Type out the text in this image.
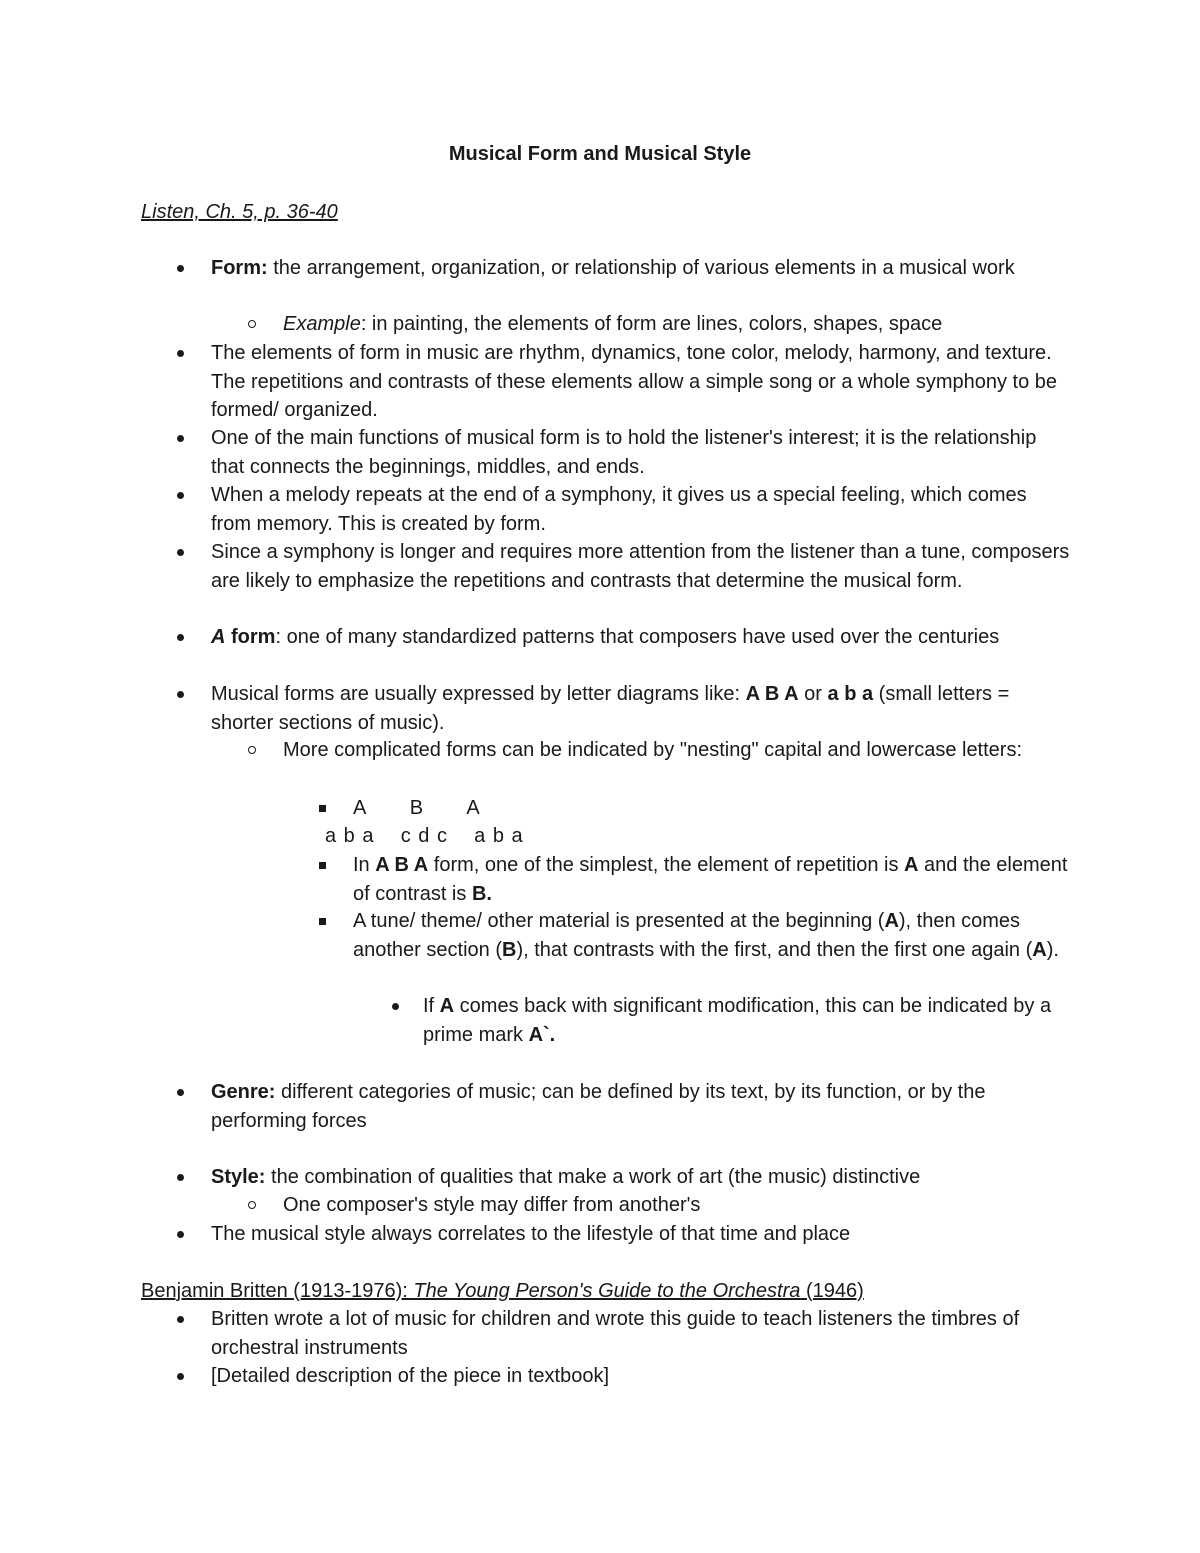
Musical Form and Musical Style
Listen, Ch. 5, p. 36-40
Form: the arrangement, organization, or relationship of various elements in a musical work
Example: in painting, the elements of form are lines, colors, shapes, space
The elements of form in music are rhythm, dynamics, tone color, melody, harmony, and texture. The repetitions and contrasts of these elements allow a simple song or a whole symphony to be formed/ organized.
One of the main functions of musical form is to hold the listener's interest; it is the relationship that connects the beginnings, middles, and ends.
When a melody repeats at the end of a symphony, it gives us a special feeling, which comes from memory. This is created by form.
Since a symphony is longer and requires more attention from the listener than a tune, composers are likely to emphasize the repetitions and contrasts that determine the musical form.
A form: one of many standardized patterns that composers have used over the centuries
Musical forms are usually expressed by letter diagrams like: A B A or a b a (small letters = shorter sections of music).
More complicated forms can be indicated by "nesting" capital and lowercase letters:
A        B        A
a b a    c d c    a b a
In A B A form, one of the simplest, the element of repetition is A and the element of contrast is B.
A tune/ theme/ other material is presented at the beginning (A), then comes another section (B), that contrasts with the first, and then the first one again (A).
If A comes back with significant modification, this can be indicated by a prime mark A`.
Genre: different categories of music; can be defined by its text, by its function, or by the performing forces
Style: the combination of qualities that make a work of art (the music) distinctive
One composer's style may differ from another's
The musical style always correlates to the lifestyle of that time and place
Benjamin Britten (1913-1976): The Young Person's Guide to the Orchestra (1946)
Britten wrote a lot of music for children and wrote this guide to teach listeners the timbres of orchestral instruments
[Detailed description of the piece in textbook]
